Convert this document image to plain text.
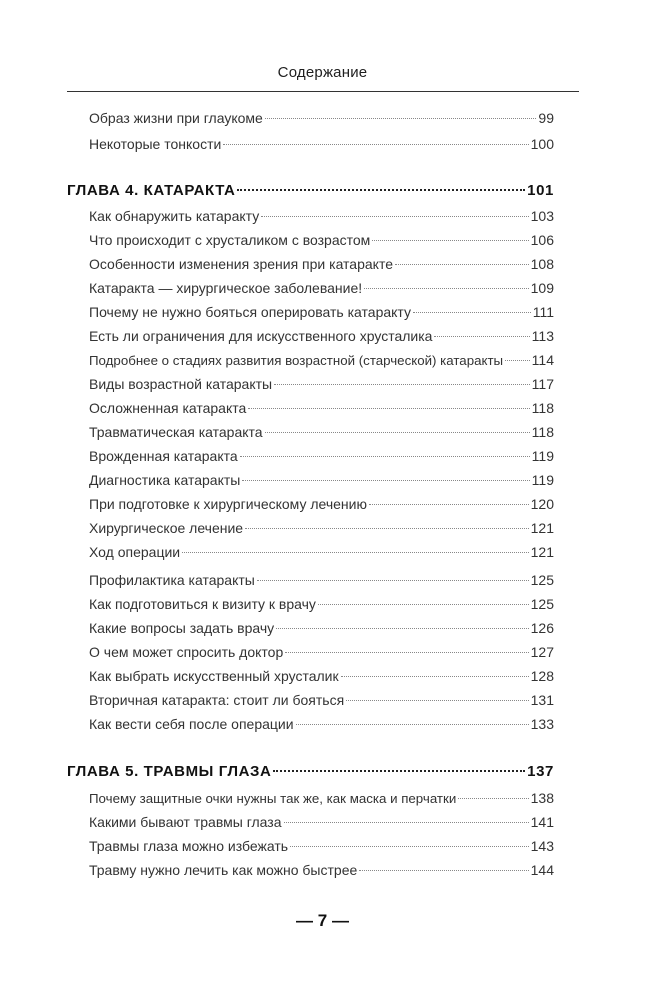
Содержание
Образ жизни при глаукоме	99
Некоторые тонкости	100
ГЛАВА 4. КАТАРАКТА	101
Как обнаружить катаракту	103
Что происходит с хрусталиком с возрастом	106
Особенности изменения зрения при катаракте	108
Катаракта — хирургическое заболевание!	109
Почему не нужно бояться оперировать катаракту	111
Есть ли ограничения для искусственного хрусталика	113
Подробнее о стадиях развития возрастной (старческой) катаракты 114
Виды возрастной катаракты	117
Осложненная катаракта	118
Травматическая катаракта	118
Врожденная катаракта	119
Диагностика катаракты	119
При подготовке к хирургическому лечению	120
Хирургическое лечение	121
Ход операции	121
Профилактика катаракты	125
Как подготовиться к визиту к врачу	125
Какие вопросы задать врачу	126
О чем может спросить доктор	127
Как выбрать искусственный хрусталик	128
Вторичная катаракта: стоит ли бояться	131
Как вести себя после операции	133
ГЛАВА 5. ТРАВМЫ ГЛАЗА	137
Почему защитные очки нужны так же, как маска и перчатки	138
Какими бывают травмы глаза	141
Травмы глаза можно избежать	143
Травму нужно лечить как можно быстрее	144
— 7 —
